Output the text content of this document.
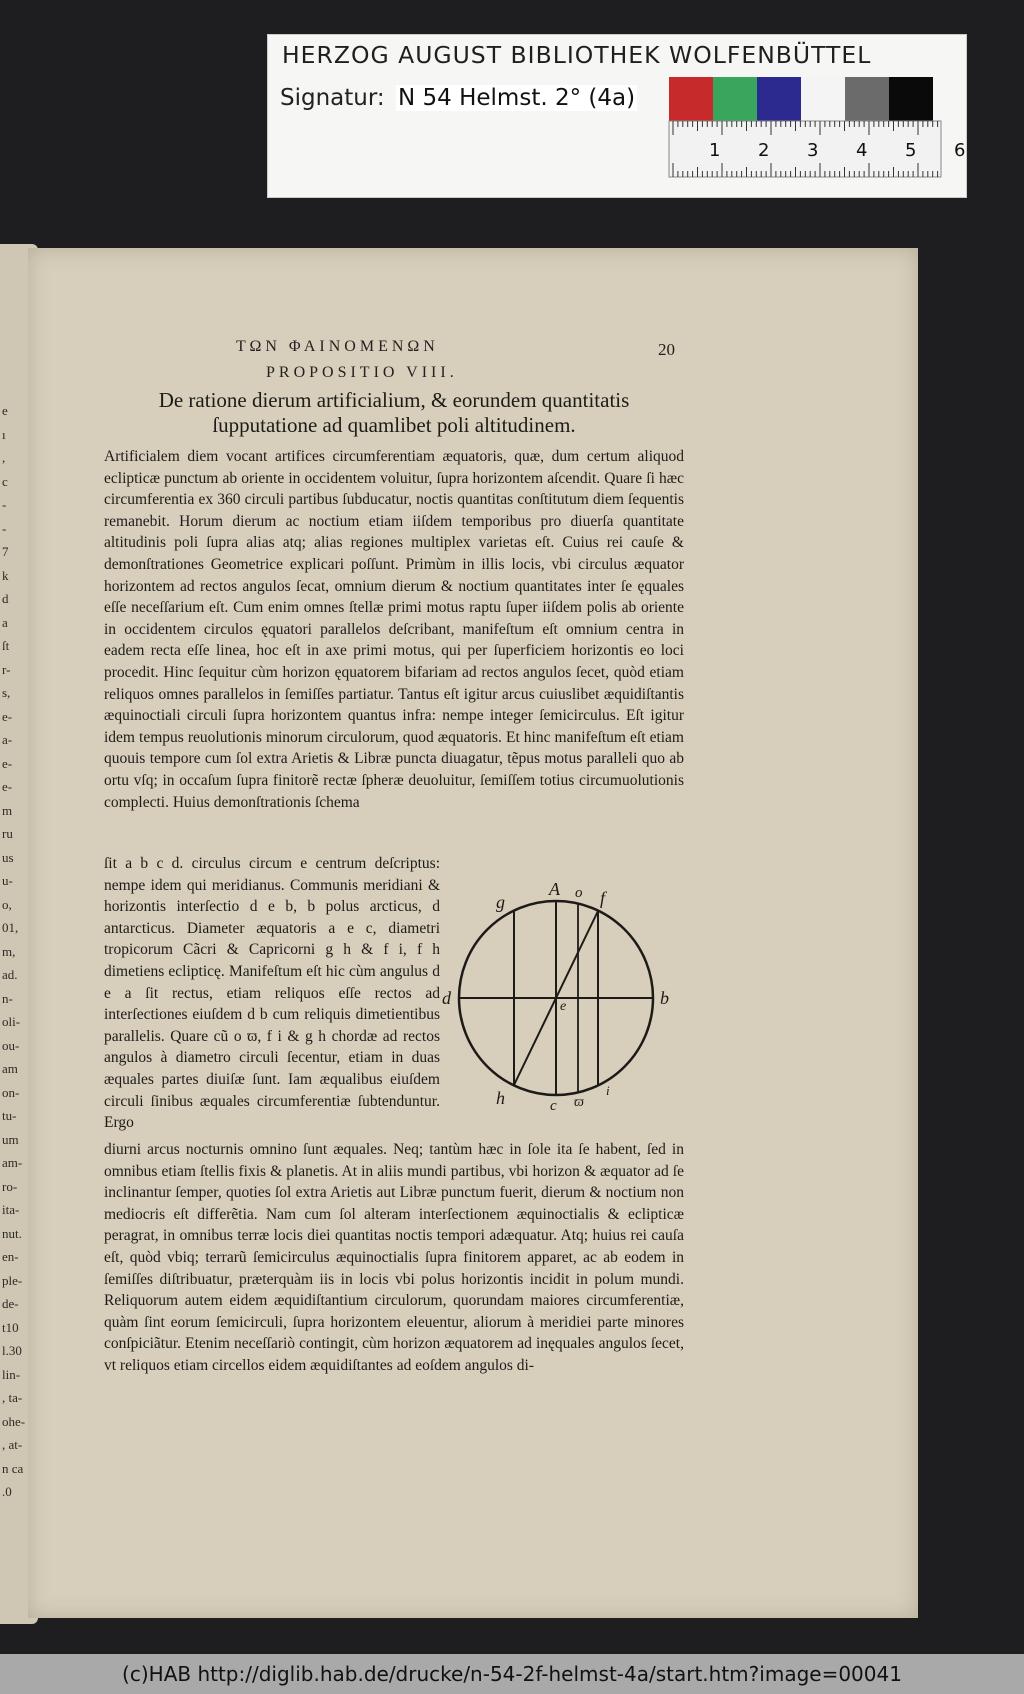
e
ı
,
c
-
-
7
k
d
a
ſt
r-
s,
e-
a-
e-
e-
m
ru
us
u-
o,
01,
m,
ad.
n-
oli-
ou-
am
on-
tu-
um
am-
ro-
ita-
nut.
en-
ple-
de-
t10
l.30
lin-
, ta-
ohe-
, at-
n ca
.0
HERZOG AUGUST BIBLIOTHEK WOLFENBÜTTEL
Signatur: N 54 Helmst. 2° (4a)
1 2 3 4 5 6
ΤΩΝ ΦΑΙΝΟΜΕΝΩΝ	20
PROPOSITIO VIII.
De ratione dierum artificialium, & eorundem quantitatis ſupputatione ad quamlibet poli altitudinem.

Artificialem diem vocant artifices circumferentiam æquatoris, quæ, dum certum aliquod eclipticæ punctum ab oriente in occidentem voluitur, ſupra horizontem aſcendit. Quare ſi hæc circumferentia ex 360 circuli partibus ſubducatur, noctis quantitas conſtitutum diem ſequentis remanebit. Horum dierum ac noctium etiam iiſdem temporibus pro diuerſa quantitate altitudinis poli ſupra alias atq; alias regiones multiplex varietas eſt. Cuius rei cauſe & demonſtrationes Geometrice explicari poſſunt. Primùm in illis locis, vbi circulus æquator horizontem ad rectos angulos ſecat, omnium dierum & noctium quantitates inter ſe ęquales eſſe neceſſarium eſt. Cum enim omnes ſtellæ primi motus raptu ſuper iiſdem polis ab oriente in occidentem circulos ęquatori parallelos deſcribant, manifeſtum eſt omnium centra in eadem recta eſſe linea, hoc eſt in axe primi motus, qui per ſuperficiem horizontis eo loci procedit. Hinc ſequitur cùm horizon ęquatorem bifariam ad rectos angulos ſecet, quòd etiam reliquos omnes parallelos in ſemiſſes partiatur. Tantus eſt igitur arcus cuiuslibet æquidiſtantis æquinoctiali circuli ſupra horizontem quantus infra: nempe integer ſemicirculus. Eſt igitur idem tempus reuolutionis minorum circulorum, quod æquatoris. Et hinc manifeſtum eſt etiam quouis tempore cum ſol extra Arietis & Libræ puncta diuagatur, tẽpus motus paralleli quo ab ortu vſq; in occaſum ſupra finitorẽ rectæ ſpheræ deuoluitur, ſemiſſem totius circumuolutionis complecti. Huius demonſtrationis ſchema

ſit a b c d. circulus circum e centrum deſcriptus: nempe idem qui meridianus. Communis meridiani & horizontis interſectio d e b, b polus arcticus, d antarcticus. Diameter æquatoris a e c, diametri tropicorum Cãcri & Capricorni g h & f i, f h dimetiens eclipticę. Manifeſtum eſt hic cùm angulus d e a ſit rectus, etiam reliquos eſſe rectos ad interſectiones eiuſdem d b cum reliquis dimetientibus parallelis. Quare cũ o ϖ, f i & g h chordæ ad rectos angulos à diametro circuli ſecentur, etiam in duas æquales partes diuiſæ ſunt. Iam æqualibus eiuſdem circuli ſinibus æquales circumferentiæ ſubtenduntur. Ergo
A o f
g
d	b
e
h	c ϖ
i

diurni arcus nocturnis omnino ſunt æquales. Neq; tantùm hæc in ſole ita ſe habent, ſed in omnibus etiam ſtellis fixis & planetis. At in aliis mundi partibus, vbi horizon & æquator ad ſe inclinantur ſemper, quoties ſol extra Arietis aut Libræ punctum fuerit, dierum & noctium non mediocris eſt differẽtia. Nam cum ſol alteram interſectionem æquinoctialis & eclipticæ peragrat, in omnibus terræ locis diei quantitas noctis tempori adæquatur. Atq; huius rei cauſa eſt, quòd vbiq; terrarũ ſemicirculus æquinoctialis ſupra finitorem apparet, ac ab eodem in ſemiſſes diſtribuatur, præterquàm iis in locis vbi polus horizontis incidit in polum mundi. Reliquorum autem eidem æquidiſtantium circulorum, quorundam maiores circumferentiæ, quàm ſint eorum ſemicirculi, ſupra horizontem eleuentur, aliorum à meridiei parte minores conſpiciãtur. Etenim neceſſariò contingit, cùm horizon æquatorem ad inęquales angulos ſecet, vt reliquos etiam circellos eidem æquidiſtantes ad eoſdem angulos di-

(c)HAB http://diglib.hab.de/drucke/n-54-2f-helmst-4a/start.htm?image=00041
